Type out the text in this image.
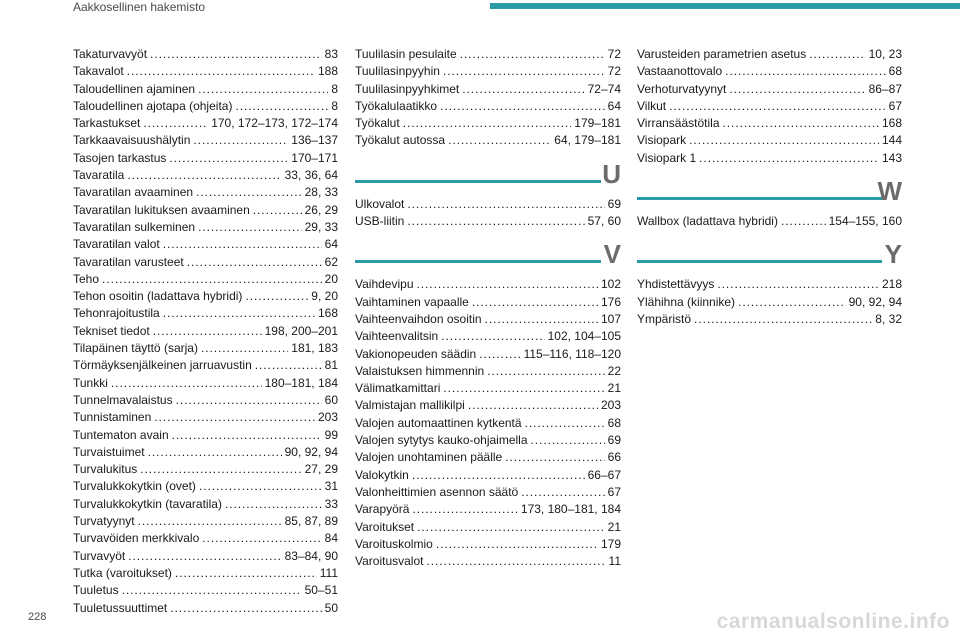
Aakkosellinen hakemisto
Takaturvavyöt . . .	83
Takavalot . . .	188
Taloudellinen ajaminen . . .	8
Taloudellinen ajotapa (ohjeita) . . .	8
Tarkastukset . . .	170, 172–173, 172–174
Tarkkaavaisuushälytin . . .	136–137
Tasojen tarkastus . . .	170–171
Tavaratila . . .	33, 36, 64
Tavaratilan avaaminen . . .	28, 33
Tavaratilan lukituksen avaaminen . . .	26, 29
Tavaratilan sulkeminen . . .	29, 33
Tavaratilan valot . . .	64
Tavaratilan varusteet . . .	62
Teho . . .	20
Tehon osoitin (ladattava hybridi) . . .	9, 20
Tehonrajoitustila . . .	168
Tekniset tiedot . . .	198, 200–201
Tilapäinen täyttö (sarja) . . .	181, 183
Törmäyksenjälkeinen jarruavustin . . .	81
Tunkki . . .	180–181, 184
Tunnelmavalaistus . . .	60
Tunnistaminen . . .	203
Tuntematon avain . . .	99
Turvaistuimet . . .	90, 92, 94
Turvalukitus . . .	27, 29
Turvalukkokytkin (ovet) . . .	31
Turvalukkokytkin (tavaratila) . . .	33
Turvatyynyt . . .	85, 87, 89
Turvavöiden merkkivalo . . .	84
Turvavyöt . . .	83–84, 90
Tutka (varoitukset) . . .	111
Tuuletus . . .	50–51
Tuuletussuuttimet . . .	50
Tuulilasin pesulaite . . .	72
Tuulilasinpyyhin . . .	72
Tuulilasinpyyhkimet . . .	72–74
Työkalulaatikko . . .	64
Työkalut . . .	179–181
Työkalut autossa . . .	64, 179–181
U
Ulkovalot . . .	69
USB-liitin . . .	57, 60
V
Vaihdevipu . . .	102
Vaihtaminen vapaalle . . .	176
Vaihteenvaihdon osoitin . . .	107
Vaihteenvalitsin . . .	102, 104–105
Vakionopeuden säädin . . .	115–116, 118–120
Valaistuksen himmennin . . .	22
Välimatkamittari . . .	21
Valmistajan mallikilpi . . .	203
Valojen automaattinen kytkentä . . .	68
Valojen sytytys kauko-ohjaimella . . .	69
Valojen unohtaminen päälle . . .	66
Valokytkin . . .	66–67
Valonheittimien asennon säätö . . .	67
Varapyörä . . .	173, 180–181, 184
Varoitukset . . .	21
Varoituskolmio . . .	179
Varoitusvalot . . .	11
Varusteiden parametrien asetus . . .	10, 23
Vastaanottovalo . . .	68
Verhoturvatyynyt . . .	86–87
Vilkut . . .	67
Virransäästötila . . .	168
Visiopark . . .	144
Visiopark 1 . . .	143
W
Wallbox (ladattava hybridi) . . .	154–155, 160
Y
Yhdistettävyys . . .	218
Ylähihna (kiinnike) . . .	90, 92, 94
Ympäristö . . .	8, 32
228	carmanualsonline.info
